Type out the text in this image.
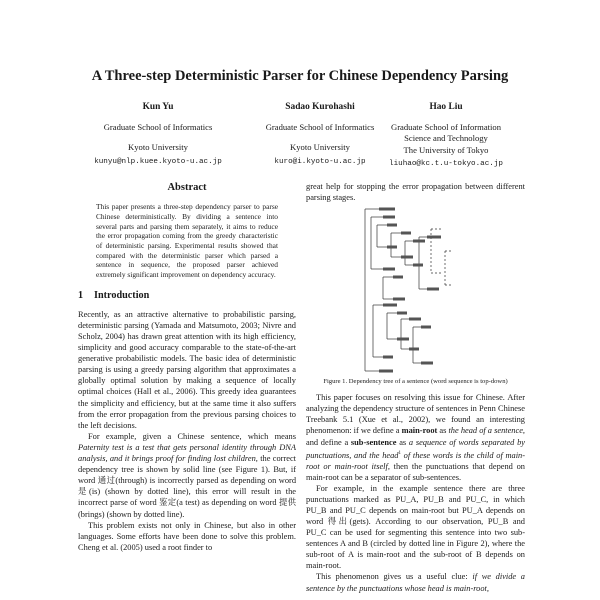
A Three-step Deterministic Parser for Chinese Dependency Parsing
Kun Yu
Graduate School of Informatics
Kyoto University
kunyu@nlp.kuee.kyoto-u.ac.jp
Sadao Kurohashi
Graduate School of Informatics
Kyoto University
kuro@i.kyoto-u.ac.jp
Hao Liu
Graduate School of Information
Science and Technology
The University of Tokyo
liuhao@kc.t.u-tokyo.ac.jp
Abstract
This paper presents a three-step dependency parser to parse Chinese deterministically. By dividing a sentence into several parts and parsing them separately, it aims to reduce the error propagation coming from the greedy characteristic of deterministic parsing. Experimental results showed that compared with the deterministic parser which parsed a sentence in sequence, the proposed parser achieved extremely significant improvement on dependency accuracy.
1 Introduction

Recently, as an attractive alternative to probabilistic parsing, deterministic parsing (Yamada and Matsumoto, 2003; Nivre and Scholz, 2004) has drawn great attention with its high efficiency, simplicity and good accuracy comparable to the state-of-the-art generative probabilistic models. The basic idea of deterministic parsing is using a greedy parsing algorithm that approximates a globally optimal solution by making a sequence of locally optimal choices (Hall et al., 2006). This greedy idea guarantees the simplicity and efficiency, but at the same time it also suffers from the error propagation from the previous parsing choices to the left decisions.

For example, given a Chinese sentence, which means Paternity test is a test that gets personal identity through DNA analysis, and it brings proof for finding lost children, the correct dependency tree is shown by solid line (see Figure 1). But, if word 通过(through) is incorrectly parsed as depending on word 是(is) (shown by dotted line), this error will result in the incorrect parse of word 鉴定(a test) as depending on word 提供(brings) (shown by dotted line).

This problem exists not only in Chinese, but also in other languages. Some efforts have been done to solve this problem. Cheng et al. (2005) used a root finder to

great help for stopping the error propagation between different parsing stages.

Figure 1. Dependency tree of a sentence (word sequence is top-down)

This paper focuses on resolving this issue for Chinese. After analyzing the dependency structure of sentences in Penn Chinese Treebank 5.1 (Xue et al., 2002), we found an interesting phenomenon: if we define a main-root as the head of a sentence, and define a sub-sentence as a sequence of words separated by punctuations, and the head$^1$ of these words is the child of main-root or main-root itself, then the punctuations that depend on main-root can be a separator of sub-sentences.

For example, in the example sentence there are three punctuations marked as PU_A, PU_B and PU_C, in which PU_B and PU_C depends on main-root but PU_A depends on word 得出(gets). According to our observation, PU_B and PU_C can be used for segmenting this sentence into two sub-sentences A and B (circled by dotted line in Figure 2), where the sub-root of A is main-root and the sub-root of B depends on main-root.

This phenomenon gives us a useful clue: if we divide a sentence by the punctuations whose head is main-root,
